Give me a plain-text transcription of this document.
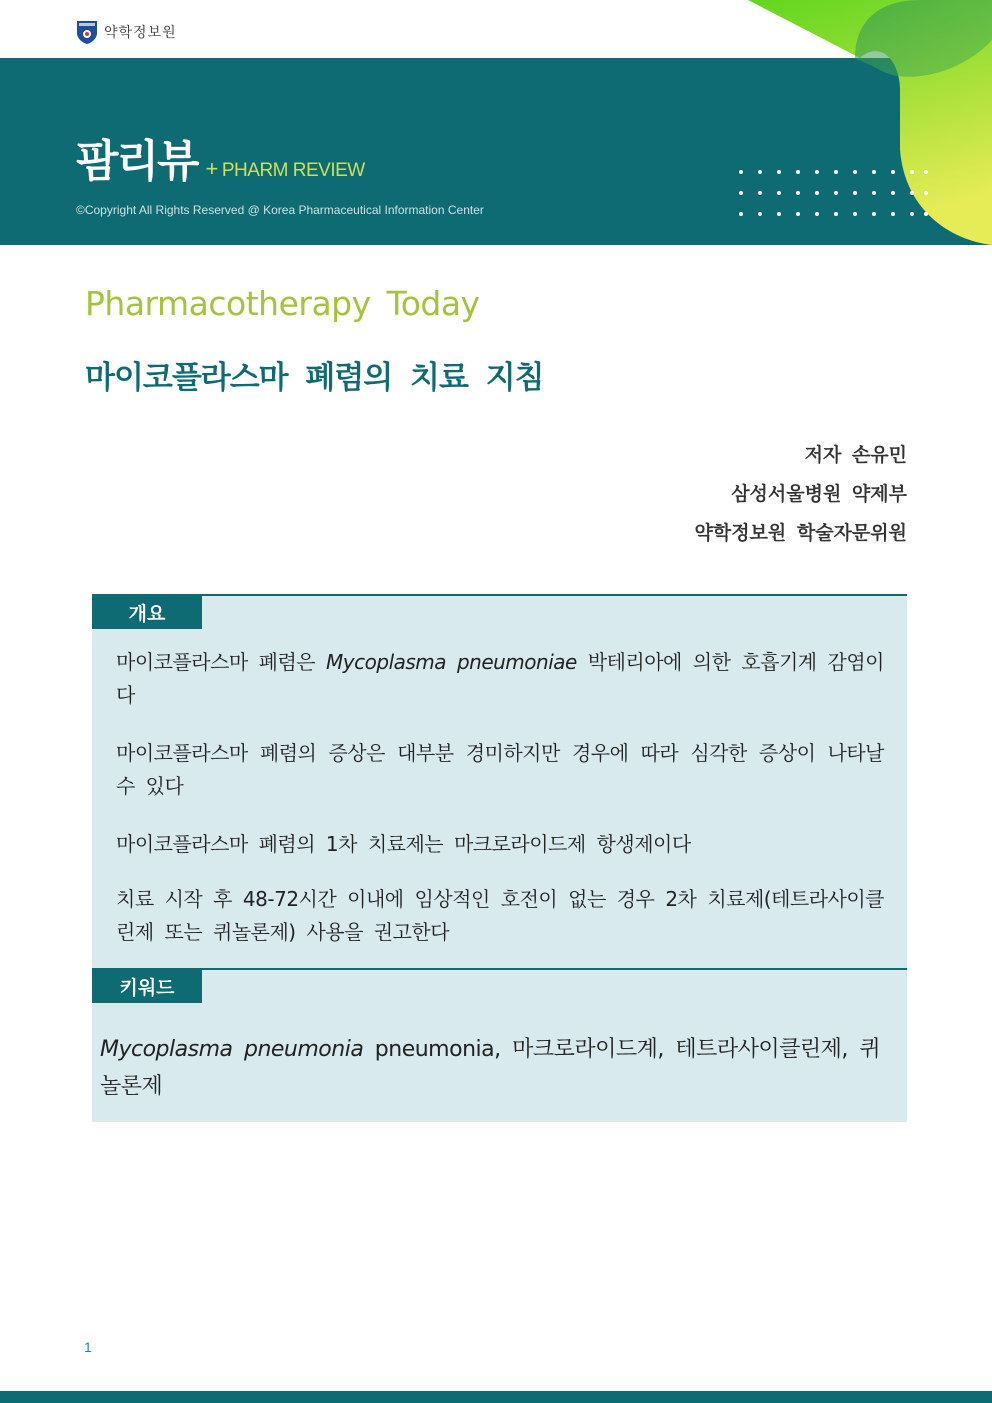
약학정보원
팜리뷰 + PHARM REVIEW
©Copyright All Rights Reserved @ Korea Pharmaceutical Information Center
Pharmacotherapy Today
마이코플라스마 폐렴의 치료 지침
저자 손유민
삼성서울병원 약제부
약학정보원 학술자문위원
개요

마이코플라스마 폐렴은 Mycoplasma pneumoniae 박테리아에 의한 호흡기계 감염이다

마이코플라스마 폐렴의 증상은 대부분 경미하지만 경우에 따라 심각한 증상이 나타날 수 있다

마이코플라스마 폐렴의 1차 치료제는 마크로라이드제 항생제이다

치료 시작 후 48-72시간 이내에 임상적인 호전이 없는 경우 2차 치료제(테트라사이클린제 또는 퀴놀론제) 사용을 권고한다

키워드
Mycoplasma pneumonia pneumonia, 마크로라이드계, 테트라사이클린제, 퀴놀론제
1
